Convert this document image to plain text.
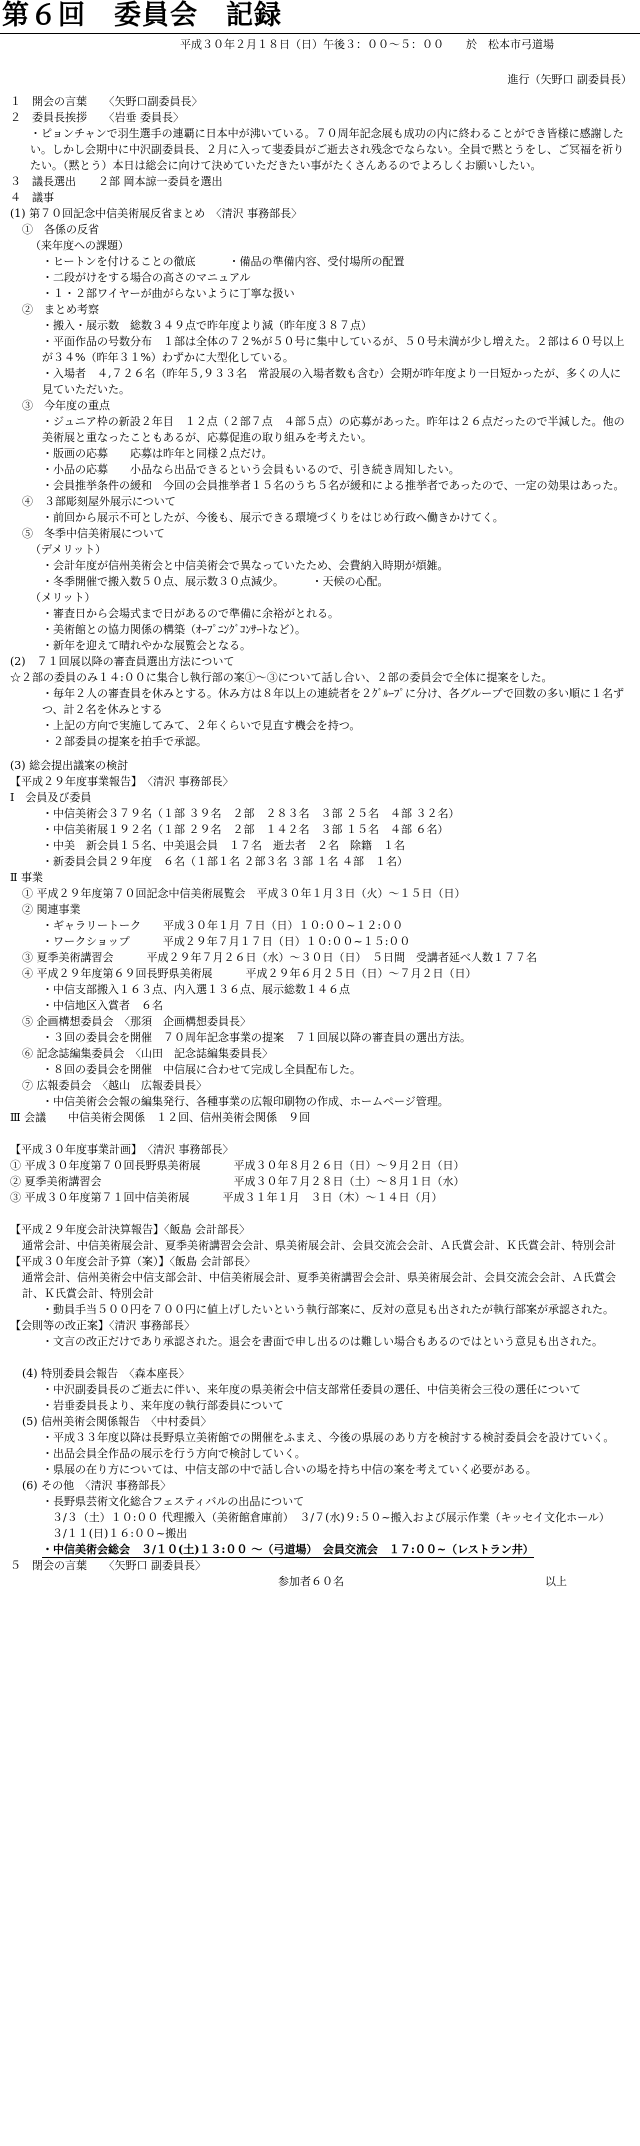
第６回　委員会　記録
平成３０年２月１８日（日）午後３：００～５：００　　於　松本市弓道場
進行（矢野口 副委員長）
１　開会の言葉　　〈矢野口副委員長〉
２　委員長挨拶　　〈岩垂 委員長〉
・ピョンチャンで羽生選手の連覇に日本中が沸いている。７０周年記念展も成功の内に終わることができ皆様に感謝したい。しかし会期中に中沢副委員長、２月に入って斐委員がご逝去され残念でならない。全員で黙とうをし、ご冥福を祈りたい。（黙とう）本日は総会に向けて決めていただきたい事がたくさんあるのでよろしくお願いしたい。
３　議長選出　　２部 岡本諒一委員を選出
４　議事
(1) 第７０回記念中信美術展反省まとめ　〈清沢 事務部長〉
①　各係の反省
（来年度への課題）
・ヒートンを付けることの徹底　　　・備品の準備内容、受付場所の配置
・二段がけをする場合の高さのマニュアル
・１・２部ワイヤーが曲がらないように丁寧な扱い
②　まとめ考察
・搬入・展示数　総数３４９点で昨年度より減（昨年度３８７点）
・平面作品の号数分布　１部は全体の７２%が５０号に集中しているが、５０号未満が少し増えた。２部は６０号以上が３４%（昨年３１%）わずかに大型化している。
・入場者　４,７２６名（昨年５,９３３名　常設展の入場者数も含む）会期が昨年度より一日短かったが、多くの人に見ていただいた。
③　今年度の重点
・ジュニア枠の新設２年目　１２点（２部７点　４部５点）の応募があった。昨年は２６点だったので半減した。他の美術展と重なったこともあるが、応募促進の取り組みを考えたい。
・版画の応募　　応募は昨年と同様２点だけ。
・小品の応募　　小品なら出品できるという会員もいるので、引き続き周知したい。
・会員推挙条件の緩和　今回の会員推挙者１５名のうち５名が緩和による推挙者であったので、一定の効果はあった。
④　３部彫刻屋外展示について
・前回から展示不可としたが、今後も、展示できる環境づくりをはじめ行政へ働きかけてく。
⑤　冬季中信美術展について
（デメリット）
・会計年度が信州美術会と中信美術会で異なっていたため、会費納入時期が煩雑。
・冬季開催で搬入数５０点、展示数３０点減少。　　　・天候の心配。
（メリット）
・審査日から会場式まで日があるので準備に余裕がとれる。
・美術館との協力関係の構築（ｵｰﾌﾟﾆﾝｸﾞｺﾝｻｰﾄなど）。
・新年を迎えて晴れやかな展覧会となる。
(2)　７１回展以降の審査員選出方法について
☆２部の委員のみ１４:００に集合し執行部の案①～③について話し合い、２部の委員会で全体に提案をした。
・毎年２人の審査員を休みとする。休み方は８年以上の連続者を２ｸﾞﾙｰﾌﾟに分け、各グループで回数の多い順に１名ずつ、計２名を休みとする
・上記の方向で実施してみて、２年くらいで見直す機会を持つ。
・２部委員の提案を拍手で承認。
(3) 総会提出議案の検討
【平成２９年度事業報告】　〈清沢 事務部長〉
Ⅰ　会員及び委員
・中信美術会３７９名（１部 ３９名　２部　２８３名　３部 ２５名　４部 ３２名）
・中信美術展１９２名（１部 ２９名　２部　１４２名　３部 １５名　４部 ６名）
・中美　新会員１５名、中美退会員　１７名　逝去者　２名　除籍　１名
・新委員会員２９年度　６名（１部１名 ２部３名 ３部 １名 ４部　１名）
Ⅱ 事業
① 平成２９年度第７０回記念中信美術展覧会　平成３０年１月３日（火）～１５日（日）
② 関連事業
・ギャラリートーク　　平成３０年１月 ７日（日）１０:００~１２:００
・ワークショップ　　　平成２９年７月１７日（日）１０:００~１５:００
③ 夏季美術講習会　　　平成２９年７月２６日（水）～３０日（日）　５日間　受講者延べ人数１７７名
④ 平成２９年度第６９回長野県美術展　　　平成２９年６月２５日（日）～７月２日（日）
・中信支部搬入１６３点、内入選１３６点、展示総数１４６点
・中信地区入賞者　６名
⑤ 企画構想委員会　〈那須　企画構想委員長〉
・３回の委員会を開催　７０周年記念事業の提案　７１回展以降の審査員の選出方法。
⑥ 記念誌編集委員会　〈山田　記念誌編集委員長〉
・８回の委員会を開催　中信展に合わせて完成し全員配布した。
⑦ 広報委員会　〈越山　広報委員長〉
・中信美術会会報の編集発行、各種事業の広報印刷物の作成、ホームページ管理。
Ⅲ 会議　　中信美術会関係　１２回、信州美術会関係　９回
【平成３０年度事業計画】　〈清沢 事務部長〉
① 平成３０年度第７０回長野県美術展　　　平成３０年８月２６日（日）～９月２日（日）
② 夏季美術講習会　　　　　　　　　　　　平成３０年７月２８日（土）～８月１日（水）
③ 平成３０年度第７１回中信美術展　　　平成３１年１月　３日（木）～１４日（月）
【平成２９年度会計決算報告】〈飯島 会計部長〉
通常会計、中信美術展会計、夏季美術講習会会計、県美術展会計、会員交流会会計、Ａ氏賞会計、Ｋ氏賞会計、特別会計
【平成３０年度会計予算（案）】〈飯島 会計部長〉
通常会計、信州美術会中信支部会計、中信美術展会計、夏季美術講習会会計、県美術展会計、会員交流会会計、Ａ氏賞会計、Ｋ氏賞会計、特別会計
・動員手当５００円を７００円に値上げしたいという執行部案に、反対の意見も出されたが執行部案が承認された。
【会則等の改正案】〈清沢 事務部長〉
・文言の改正だけであり承認された。退会を書面で申し出るのは難しい場合もあるのではという意見も出された。
(4) 特別委員会報告　〈森本座長〉
・中沢副委員長のご逝去に伴い、来年度の県美術会中信支部常任委員の選任、中信美術会三役の選任について
・岩垂委員長より、来年度の執行部委員について
(5) 信州美術会関係報告　〈中村委員〉
・平成３３年度以降は長野県立美術館での開催をふまえ、今後の県展のあり方を検討する検討委員会を設けていく。
・出品会員全作品の展示を行う方向で検討していく。
・県展の在り方については、中信支部の中で話し合いの場を持ち中信の案を考えていく必要がある。
(6) その他　〈清沢 事務部長〉
・長野県芸術文化総合フェスティバルの出品について
３/３（土）１０:００ 代理搬入（美術館倉庫前）　３/７(水)９:５０~搬入および展示作業（キッセイ文化ホール）　３/１１(日)１６:００~搬出
・中信美術会総会　３/１０(土)１３:００ ～（弓道場）　会員交流会　１７:００~（レストラン井）
５　閉会の言葉　　〈矢野口 副委員長〉
参加者６０名	以上
